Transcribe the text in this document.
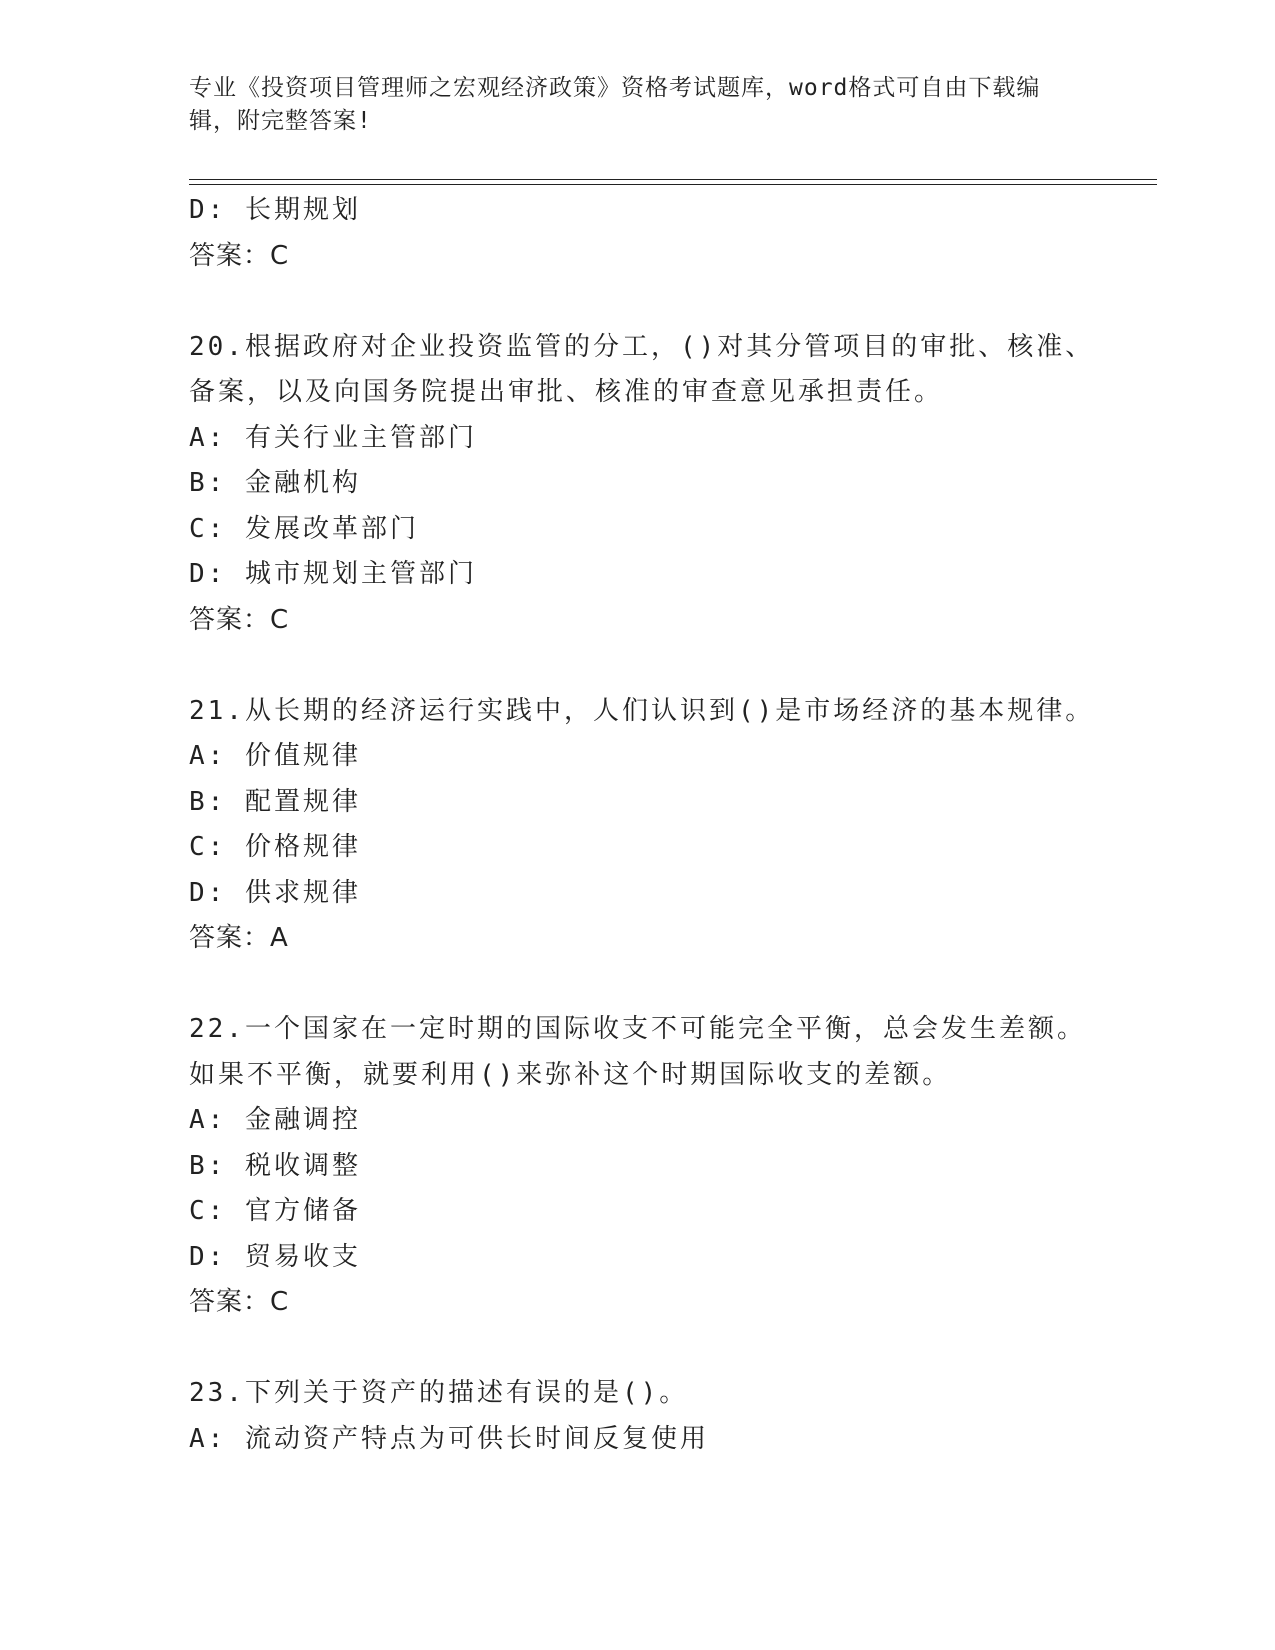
专业《投资项目管理师之宏观经济政策》资格考试题库，word格式可自由下载编
辑，附完整答案!
D: 长期规划
答案：C
20.根据政府对企业投资监管的分工，()对其分管项目的审批、核准、
备案，以及向国务院提出审批、核准的审查意见承担责任。
A: 有关行业主管部门
B: 金融机构
C: 发展改革部门
D: 城市规划主管部门
答案：C
21.从长期的经济运行实践中，人们认识到()是市场经济的基本规律。
A: 价值规律
B: 配置规律
C: 价格规律
D: 供求规律
答案：A
22.一个国家在一定时期的国际收支不可能完全平衡，总会发生差额。
如果不平衡，就要利用()来弥补这个时期国际收支的差额。
A: 金融调控
B: 税收调整
C: 官方储备
D: 贸易收支
答案：C
23.下列关于资产的描述有误的是()。
A: 流动资产特点为可供长时间反复使用
